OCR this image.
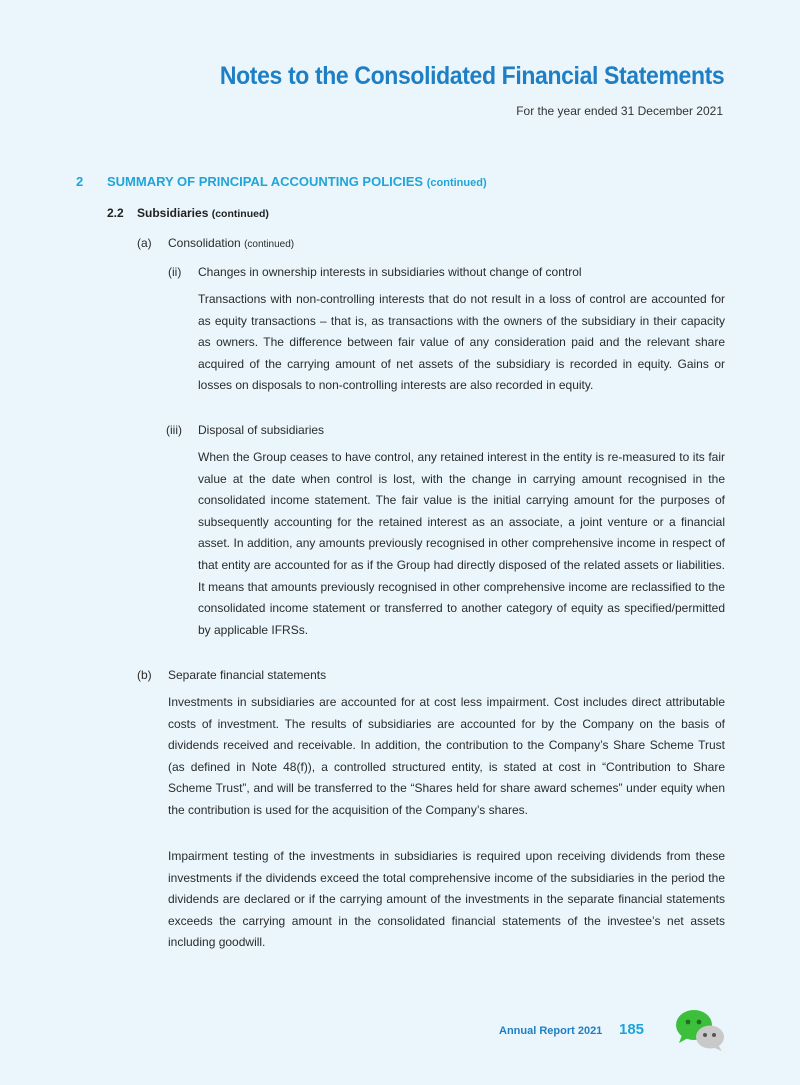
Notes to the Consolidated Financial Statements
For the year ended 31 December 2021
2 SUMMARY OF PRINCIPAL ACCOUNTING POLICIES (continued)
2.2 Subsidiaries (continued)
(a) Consolidation (continued)
(ii) Changes in ownership interests in subsidiaries without change of control

Transactions with non-controlling interests that do not result in a loss of control are accounted for as equity transactions – that is, as transactions with the owners of the subsidiary in their capacity as owners. The difference between fair value of any consideration paid and the relevant share acquired of the carrying amount of net assets of the subsidiary is recorded in equity. Gains or losses on disposals to non-controlling interests are also recorded in equity.

(iii) Disposal of subsidiaries

When the Group ceases to have control, any retained interest in the entity is re-measured to its fair value at the date when control is lost, with the change in carrying amount recognised in the consolidated income statement. The fair value is the initial carrying amount for the purposes of subsequently accounting for the retained interest as an associate, a joint venture or a financial asset. In addition, any amounts previously recognised in other comprehensive income in respect of that entity are accounted for as if the Group had directly disposed of the related assets or liabilities. It means that amounts previously recognised in other comprehensive income are reclassified to the consolidated income statement or transferred to another category of equity as specified/permitted by applicable IFRSs.

(b) Separate financial statements

Investments in subsidiaries are accounted for at cost less impairment. Cost includes direct attributable costs of investment. The results of subsidiaries are accounted for by the Company on the basis of dividends received and receivable. In addition, the contribution to the Company’s Share Scheme Trust (as defined in Note 48(f)), a controlled structured entity, is stated at cost in “Contribution to Share Scheme Trust”, and will be transferred to the “Shares held for share award schemes” under equity when the contribution is used for the acquisition of the Company’s shares.

Impairment testing of the investments in subsidiaries is required upon receiving dividends from these investments if the dividends exceed the total comprehensive income of the subsidiaries in the period the dividends are declared or if the carrying amount of the investments in the separate financial statements exceeds the carrying amount in the consolidated financial statements of the investee’s net assets including goodwill.

Annual Report 2021 185
